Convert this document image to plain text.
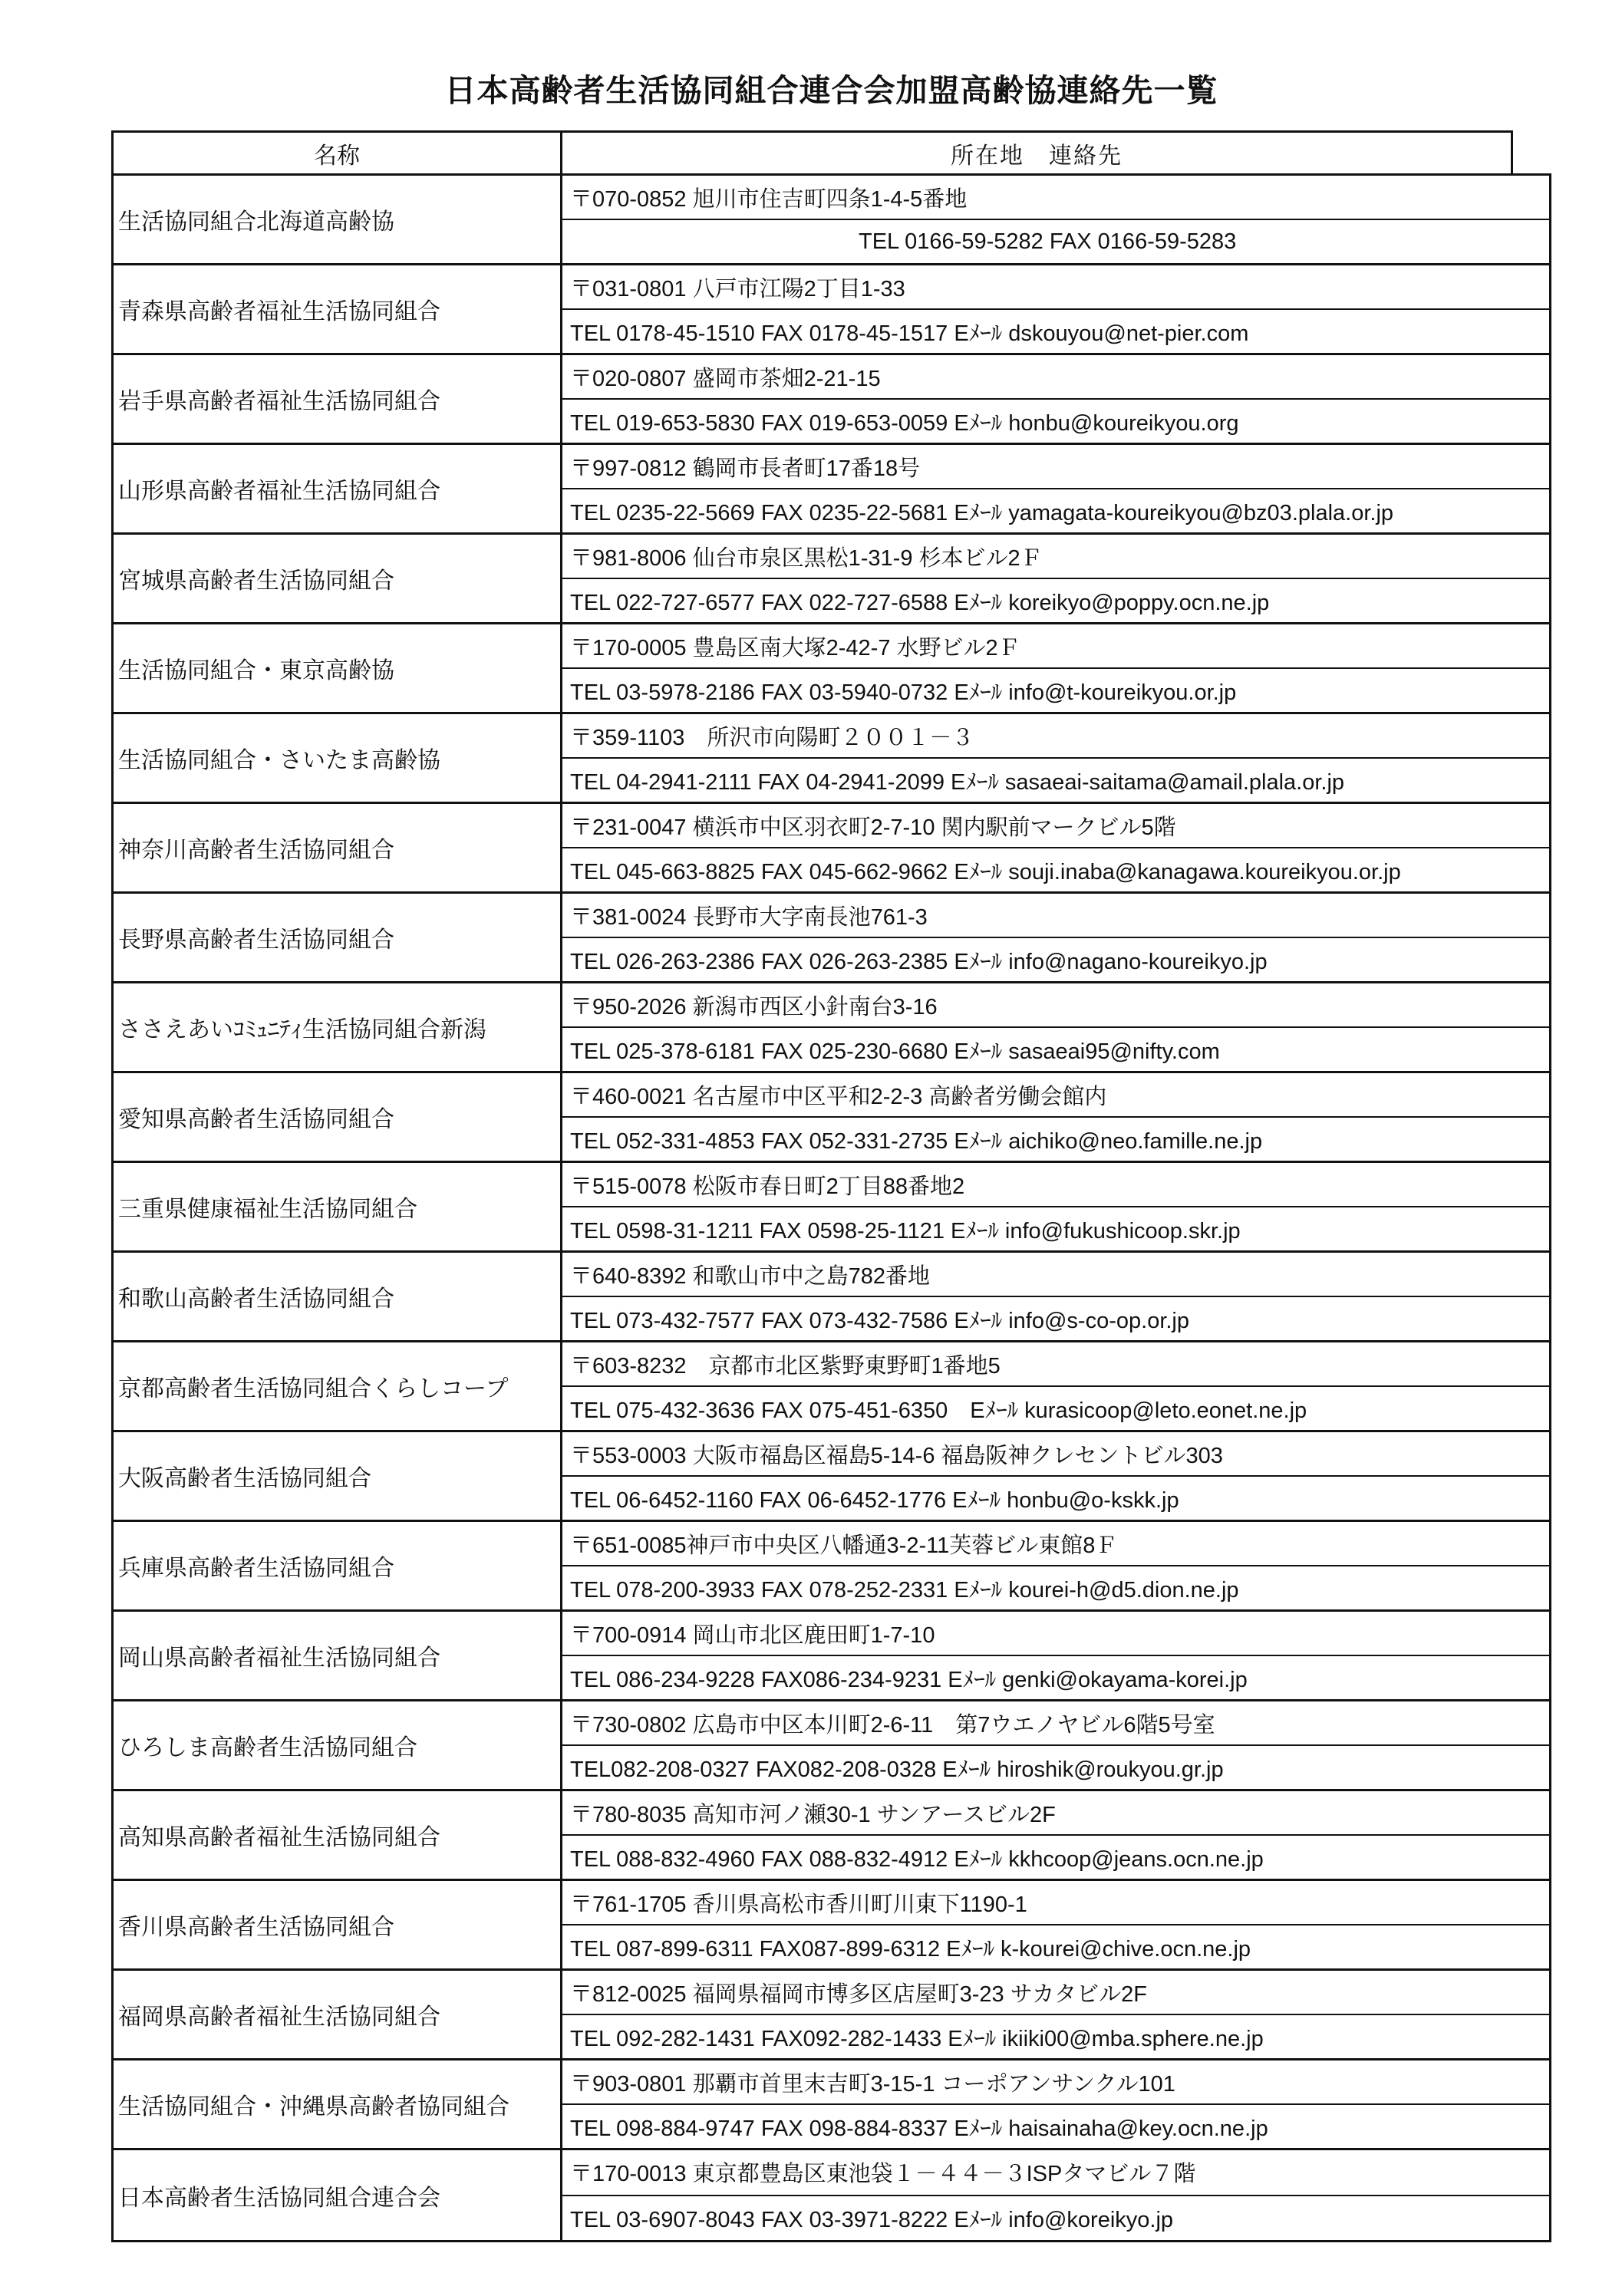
日本高齢者生活協同組合連合会加盟高齢協連絡先一覧
名称	所在地　連絡先
生活協同組合北海道高齢協
〒070-0852 旭川市住吉町四条1-4-5番地
TEL 0166-59-5282 FAX 0166-59-5283
青森県高齢者福祉生活協同組合
〒031-0801 八戸市江陽2丁目1-33
TEL 0178-45-1510 FAX 0178-45-1517 Eﾒｰﾙ dskouyou@net-pier.com
岩手県高齢者福祉生活協同組合
〒020-0807 盛岡市茶畑2-21-15
TEL 019-653-5830 FAX 019-653-0059 Eﾒｰﾙ honbu@koureikyou.org
山形県高齢者福祉生活協同組合
〒997-0812 鶴岡市長者町17番18号
TEL 0235-22-5669 FAX 0235-22-5681 Eﾒｰﾙ yamagata-koureikyou@bz03.plala.or.jp
宮城県高齢者生活協同組合
〒981-8006 仙台市泉区黒松1-31-9 杉本ビル2Ｆ
TEL 022-727-6577 FAX 022-727-6588 Eﾒｰﾙ koreikyo@poppy.ocn.ne.jp
生活協同組合・東京高齢協
〒170-0005 豊島区南大塚2-42-7 水野ビル2Ｆ
TEL 03-5978-2186 FAX 03-5940-0732 Eﾒｰﾙ info@t-koureikyou.or.jp
生活協同組合・さいたま高齢協
〒359-1103　所沢市向陽町２００１－３
TEL 04-2941-2111 FAX 04-2941-2099 Eﾒｰﾙ sasaeai-saitama@amail.plala.or.jp
神奈川高齢者生活協同組合
〒231-0047 横浜市中区羽衣町2-7-10 関内駅前マークビル5階
TEL 045-663-8825 FAX 045-662-9662 Eﾒｰﾙ souji.inaba@kanagawa.koureikyou.or.jp
長野県高齢者生活協同組合
〒381-0024 長野市大字南長池761-3
TEL 026-263-2386 FAX 026-263-2385 Eﾒｰﾙ info@nagano-koureikyo.jp
ささえあいｺﾐｭﾆﾃｨ生活協同組合新潟
〒950-2026 新潟市西区小針南台3-16
TEL 025-378-6181 FAX 025-230-6680 Eﾒｰﾙ sasaeai95@nifty.com
愛知県高齢者生活協同組合
〒460-0021 名古屋市中区平和2-2-3 高齢者労働会館内
TEL 052-331-4853 FAX 052-331-2735 Eﾒｰﾙ aichiko@neo.famille.ne.jp
三重県健康福祉生活協同組合
〒515-0078 松阪市春日町2丁目88番地2
TEL 0598-31-1211 FAX 0598-25-1121 Eﾒｰﾙ info@fukushicoop.skr.jp
和歌山高齢者生活協同組合
〒640-8392 和歌山市中之島782番地
TEL 073-432-7577 FAX 073-432-7586 Eﾒｰﾙ info@s-co-op.or.jp
京都高齢者生活協同組合くらしコープ
〒603-8232　京都市北区紫野東野町1番地5
TEL 075-432-3636 FAX 075-451-6350　Eﾒｰﾙ kurasicoop@leto.eonet.ne.jp
大阪高齢者生活協同組合
〒553-0003 大阪市福島区福島5-14-6 福島阪神クレセントビル303
TEL 06-6452-1160 FAX 06-6452-1776 Eﾒｰﾙ honbu@o-kskk.jp
兵庫県高齢者生活協同組合
〒651-0085神戸市中央区八幡通3-2-11芙蓉ビル東館8Ｆ
TEL 078-200-3933 FAX 078-252-2331 Eﾒｰﾙ kourei-h@d5.dion.ne.jp
岡山県高齢者福祉生活協同組合
〒700-0914 岡山市北区鹿田町1-7-10
TEL 086-234-9228 FAX086-234-9231 Eﾒｰﾙ genki@okayama-korei.jp
ひろしま高齢者生活協同組合
〒730-0802 広島市中区本川町2-6-11　第7ウエノヤビル6階5号室
TEL082-208-0327 FAX082-208-0328 Eﾒｰﾙ hiroshik@roukyou.gr.jp
高知県高齢者福祉生活協同組合
〒780-8035 高知市河ノ瀬30-1 サンアースビル2F
TEL 088-832-4960 FAX 088-832-4912 Eﾒｰﾙ kkhcoop@jeans.ocn.ne.jp
香川県高齢者生活協同組合
〒761-1705 香川県高松市香川町川東下1190-1
TEL 087-899-6311 FAX087-899-6312 Eﾒｰﾙ k-kourei@chive.ocn.ne.jp
福岡県高齢者福祉生活協同組合
〒812-0025 福岡県福岡市博多区店屋町3-23 サカタビル2F
TEL 092-282-1431 FAX092-282-1433 Eﾒｰﾙ ikiiki00@mba.sphere.ne.jp
生活協同組合・沖縄県高齢者協同組合
〒903-0801 那覇市首里末吉町3-15-1 コーポアンサンクル101
TEL 098-884-9747 FAX 098-884-8337 Eﾒｰﾙ haisainaha@key.ocn.ne.jp
日本高齢者生活協同組合連合会
〒170-0013 東京都豊島区東池袋１－４４－３ISPタマビル７階
TEL 03-6907-8043 FAX 03-3971-8222 Eﾒｰﾙ info@koreikyo.jp
